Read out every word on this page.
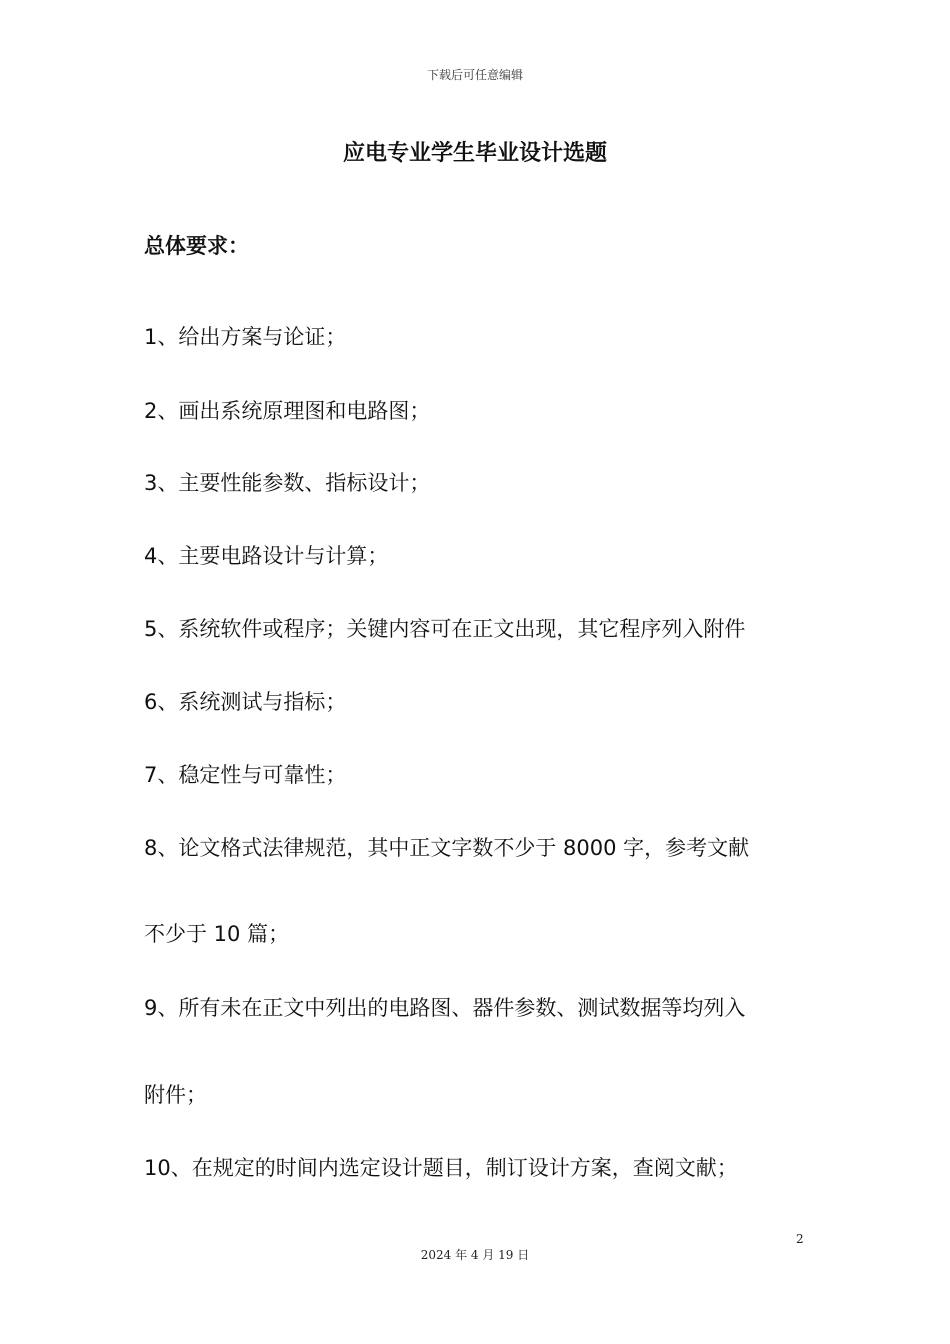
下载后可任意编辑
应电专业学生毕业设计选题
总体要求：
1、给出方案与论证；
2、画出系统原理图和电路图；
3、主要性能参数、指标设计；
4、主要电路设计与计算；
5、系统软件或程序；关键内容可在正文出现，其它程序列入附件
6、系统测试与指标；
7、稳定性与可靠性；
8、论文格式法律规范，其中正文字数不少于 8000 字，参考文献
不少于 10 篇；
9、所有未在正文中列出的电路图、器件参数、测试数据等均列入
附件；
10、在规定的时间内选定设计题目，制订设计方案，查阅文献；
2
2024 年 4 月 19 日
